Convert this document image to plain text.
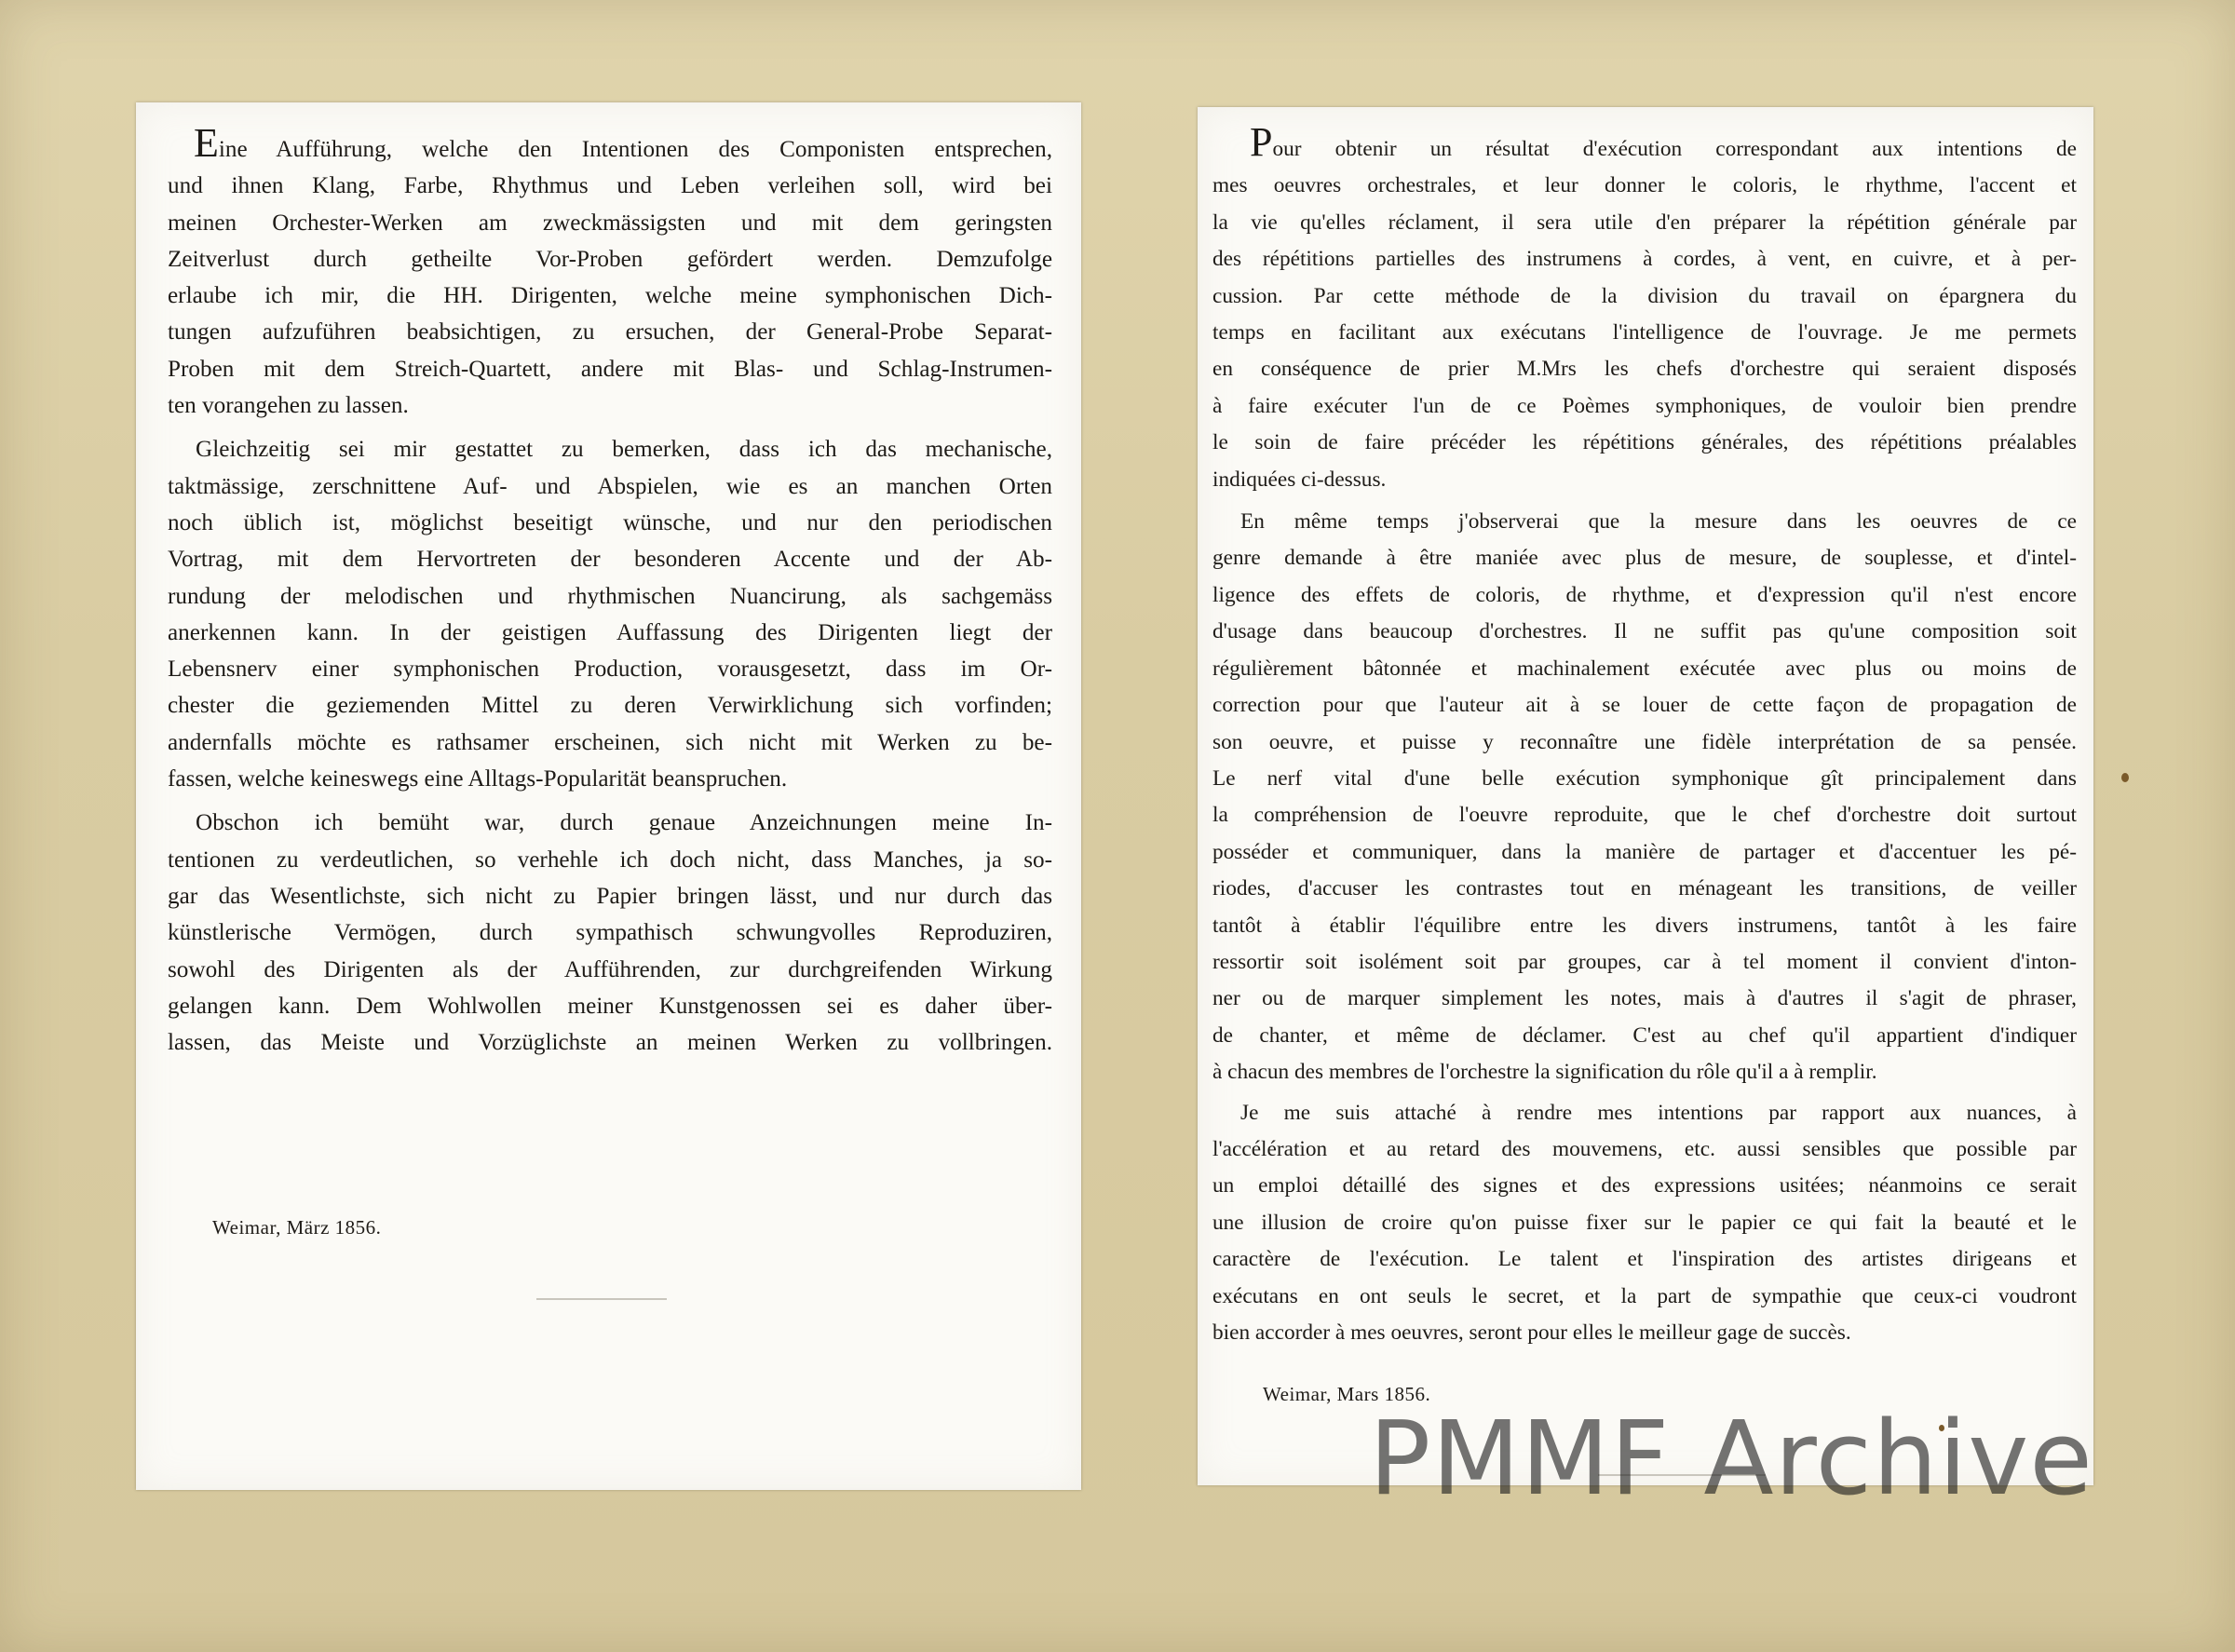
Eine Aufführung, welche den Intentionen des Componisten entsprechen,
und ihnen Klang, Farbe, Rhythmus und Leben verleihen soll, wird bei
meinen Orchester-Werken am zweckmässigsten und mit dem geringsten
Zeitverlust durch getheilte Vor-Proben gefördert werden. Demzufolge
erlaube ich mir, die HH. Dirigenten, welche meine symphonischen Dich-
tungen aufzuführen beabsichtigen, zu ersuchen, der General-Probe Separat-
Proben mit dem Streich-Quartett, andere mit Blas- und Schlag-Instrumen-
ten vorangehen zu lassen.
Gleichzeitig sei mir gestattet zu bemerken, dass ich das mechanische,
taktmässige, zerschnittene Auf- und Abspielen, wie es an manchen Orten
noch üblich ist, möglichst beseitigt wünsche, und nur den periodischen
Vortrag, mit dem Hervortreten der besonderen Accente und der Ab-
rundung der melodischen und rhythmischen Nuancirung, als sachgemäss
anerkennen kann. In der geistigen Auffassung des Dirigenten liegt der
Lebensnerv einer symphonischen Production, vorausgesetzt, dass im Or-
chester die geziemenden Mittel zu deren Verwirklichung sich vorfinden;
andernfalls möchte es rathsamer erscheinen, sich nicht mit Werken zu be-
fassen, welche keineswegs eine Alltags-Popularität beanspruchen.
Obschon ich bemüht war, durch genaue Anzeichnungen meine In-
tentionen zu verdeutlichen, so verhehle ich doch nicht, dass Manches, ja so-
gar das Wesentlichste, sich nicht zu Papier bringen lässt, und nur durch das
künstlerische Vermögen, durch sympathisch schwungvolles Reproduziren,
sowohl des Dirigenten als der Aufführenden, zur durchgreifenden Wirkung
gelangen kann. Dem Wohlwollen meiner Kunstgenossen sei es daher über-
lassen, das Meiste und Vorzüglichste an meinen Werken zu vollbringen.
Weimar, März 1856.
Pour obtenir un résultat d'exécution correspondant aux intentions de
mes oeuvres orchestrales, et leur donner le coloris, le rhythme, l'accent et
la vie qu'elles réclament, il sera utile d'en préparer la répétition générale par
des répétitions partielles des instrumens à cordes, à vent, en cuivre, et à per-
cussion. Par cette méthode de la division du travail on épargnera du
temps en facilitant aux exécutans l'intelligence de l'ouvrage. Je me permets
en conséquence de prier M.Mrs les chefs d'orchestre qui seraient disposés
à faire exécuter l'un de ce Poèmes symphoniques, de vouloir bien prendre
le soin de faire précéder les répétitions générales, des répétitions préalables
indiquées ci-dessus.
En même temps j'observerai que la mesure dans les oeuvres de ce
genre demande à être maniée avec plus de mesure, de souplesse, et d'intel-
ligence des effets de coloris, de rhythme, et d'expression qu'il n'est encore
d'usage dans beaucoup d'orchestres. Il ne suffit pas qu'une composition soit
régulièrement bâtonnée et machinalement exécutée avec plus ou moins de
correction pour que l'auteur ait à se louer de cette façon de propagation de
son oeuvre, et puisse y reconnaître une fidèle interprétation de sa pensée.
Le nerf vital d'une belle exécution symphonique gît principalement dans
la compréhension de l'oeuvre reproduite, que le chef d'orchestre doit surtout
posséder et communiquer, dans la manière de partager et d'accentuer les pé-
riodes, d'accuser les contrastes tout en ménageant les transitions, de veiller
tantôt à établir l'équilibre entre les divers instrumens, tantôt à les faire
ressortir soit isolément soit par groupes, car à tel moment il convient d'inton-
ner ou de marquer simplement les notes, mais à d'autres il s'agit de phraser,
de chanter, et même de déclamer. C'est au chef qu'il appartient d'indiquer
à chacun des membres de l'orchestre la signification du rôle qu'il a à remplir.
Je me suis attaché à rendre mes intentions par rapport aux nuances, à
l'accélération et au retard des mouvemens, etc. aussi sensibles que possible par
un emploi détaillé des signes et des expressions usitées; néanmoins ce serait
une illusion de croire qu'on puisse fixer sur le papier ce qui fait la beauté et le
caractère de l'exécution. Le talent et l'inspiration des artistes dirigeans et
exécutans en ont seuls le secret, et la part de sympathie que ceux-ci voudront
bien accorder à mes oeuvres, seront pour elles le meilleur gage de succès.
Weimar, Mars 1856.
PMMF Archive
